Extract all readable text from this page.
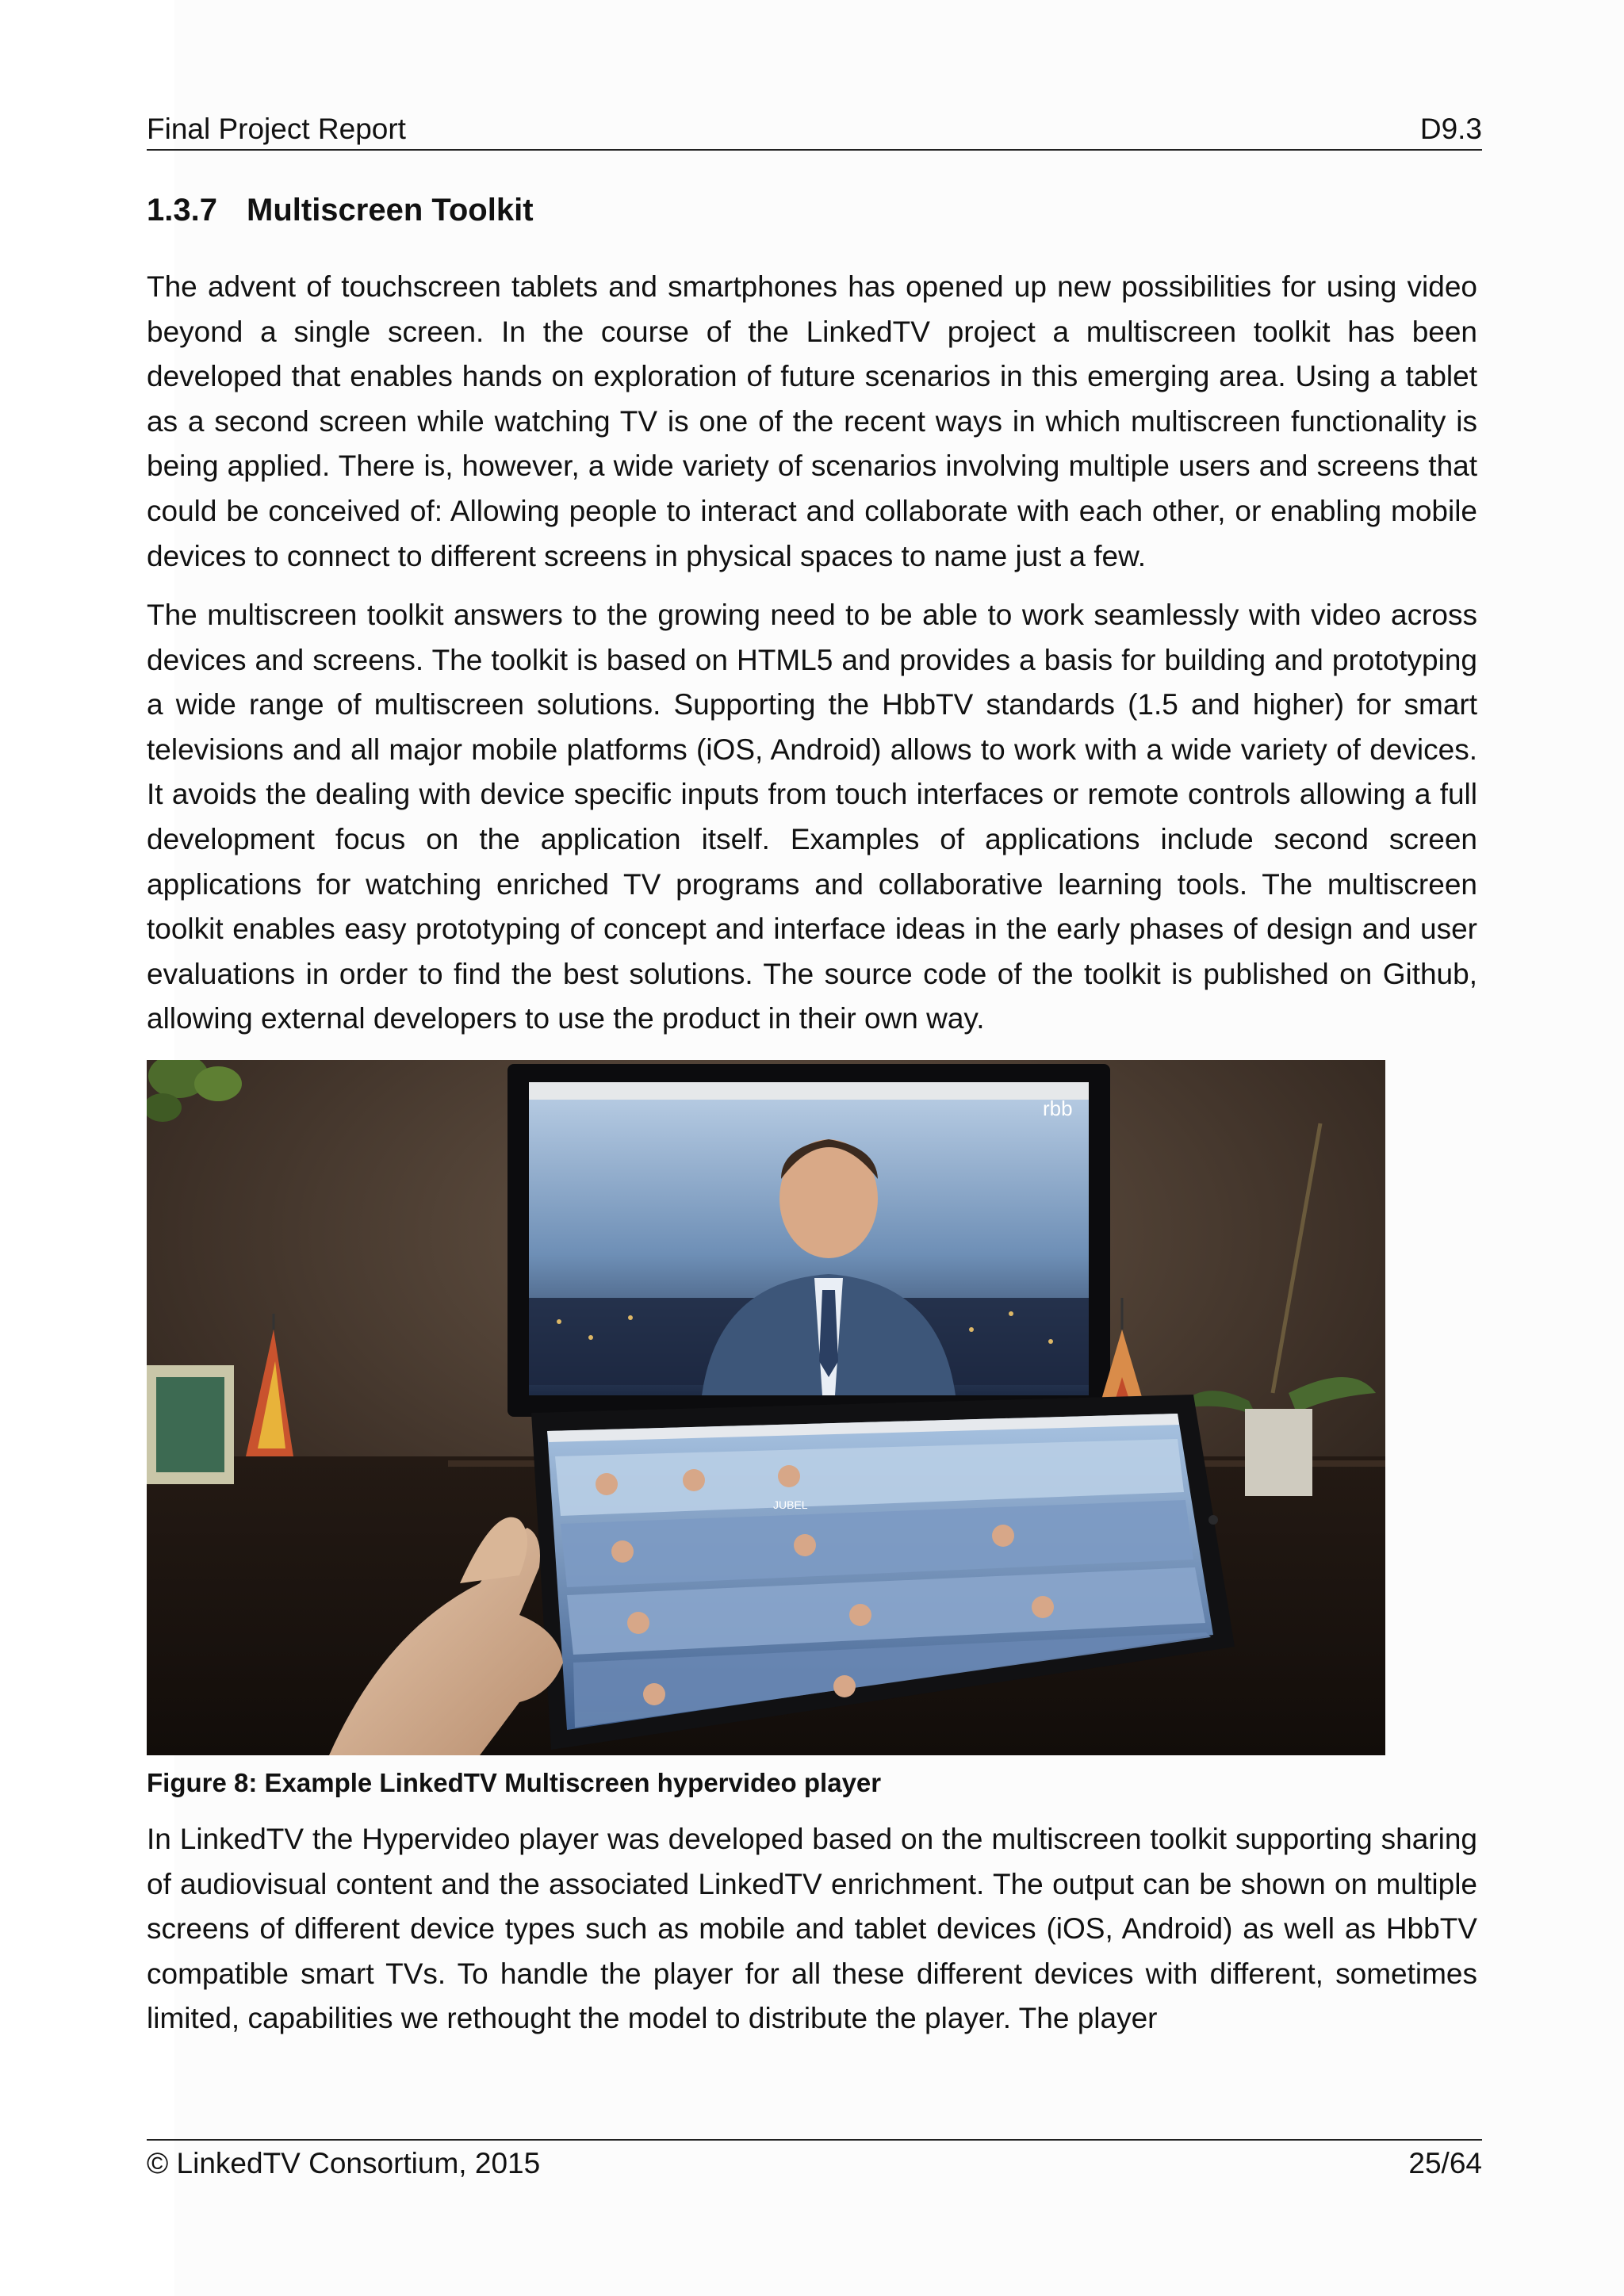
Final Project Report	D9.3
1.3.7 Multiscreen Toolkit

The advent of touchscreen tablets and smartphones has opened up new possibilities for using video beyond a single screen. In the course of the LinkedTV project a multiscreen toolkit has been developed that enables hands on exploration of future scenarios in this emerging area. Using a tablet as a second screen while watching TV is one of the recent ways in which multiscreen functionality is being applied. There is, however, a wide variety of scenarios involving multiple users and screens that could be conceived of: Allowing people to interact and collaborate with each other, or enabling mobile devices to connect to different screens in physical spaces to name just a few.

The multiscreen toolkit answers to the growing need to be able to work seamlessly with video across devices and screens. The toolkit is based on HTML5 and provides a basis for building and prototyping a wide range of multiscreen solutions. Supporting the HbbTV standards (1.5 and higher) for smart televisions and all major mobile platforms (iOS, Android) allows to work with a wide variety of devices. It avoids the dealing with device specific inputs from touch interfaces or remote controls allowing a full development focus on the application itself. Examples of applications include second screen applications for watching enriched TV programs and collaborative learning tools. The multiscreen toolkit enables easy prototyping of concept and interface ideas in the early phases of design and user evaluations in order to find the best solutions. The source code of the toolkit is published on Github, allowing external developers to use the product in their own way.

rbb
JUBEL
Figure 8: Example LinkedTV Multiscreen hypervideo player

In LinkedTV the Hypervideo player was developed based on the multiscreen toolkit supporting sharing of audiovisual content and the associated LinkedTV enrichment. The output can be shown on multiple screens of different device types such as mobile and tablet devices (iOS, Android) as well as HbbTV compatible smart TVs. To handle the player for all these different devices with different, sometimes limited, capabilities we rethought the model to distribute the player. The player

© LinkedTV Consortium, 2015	25/64
